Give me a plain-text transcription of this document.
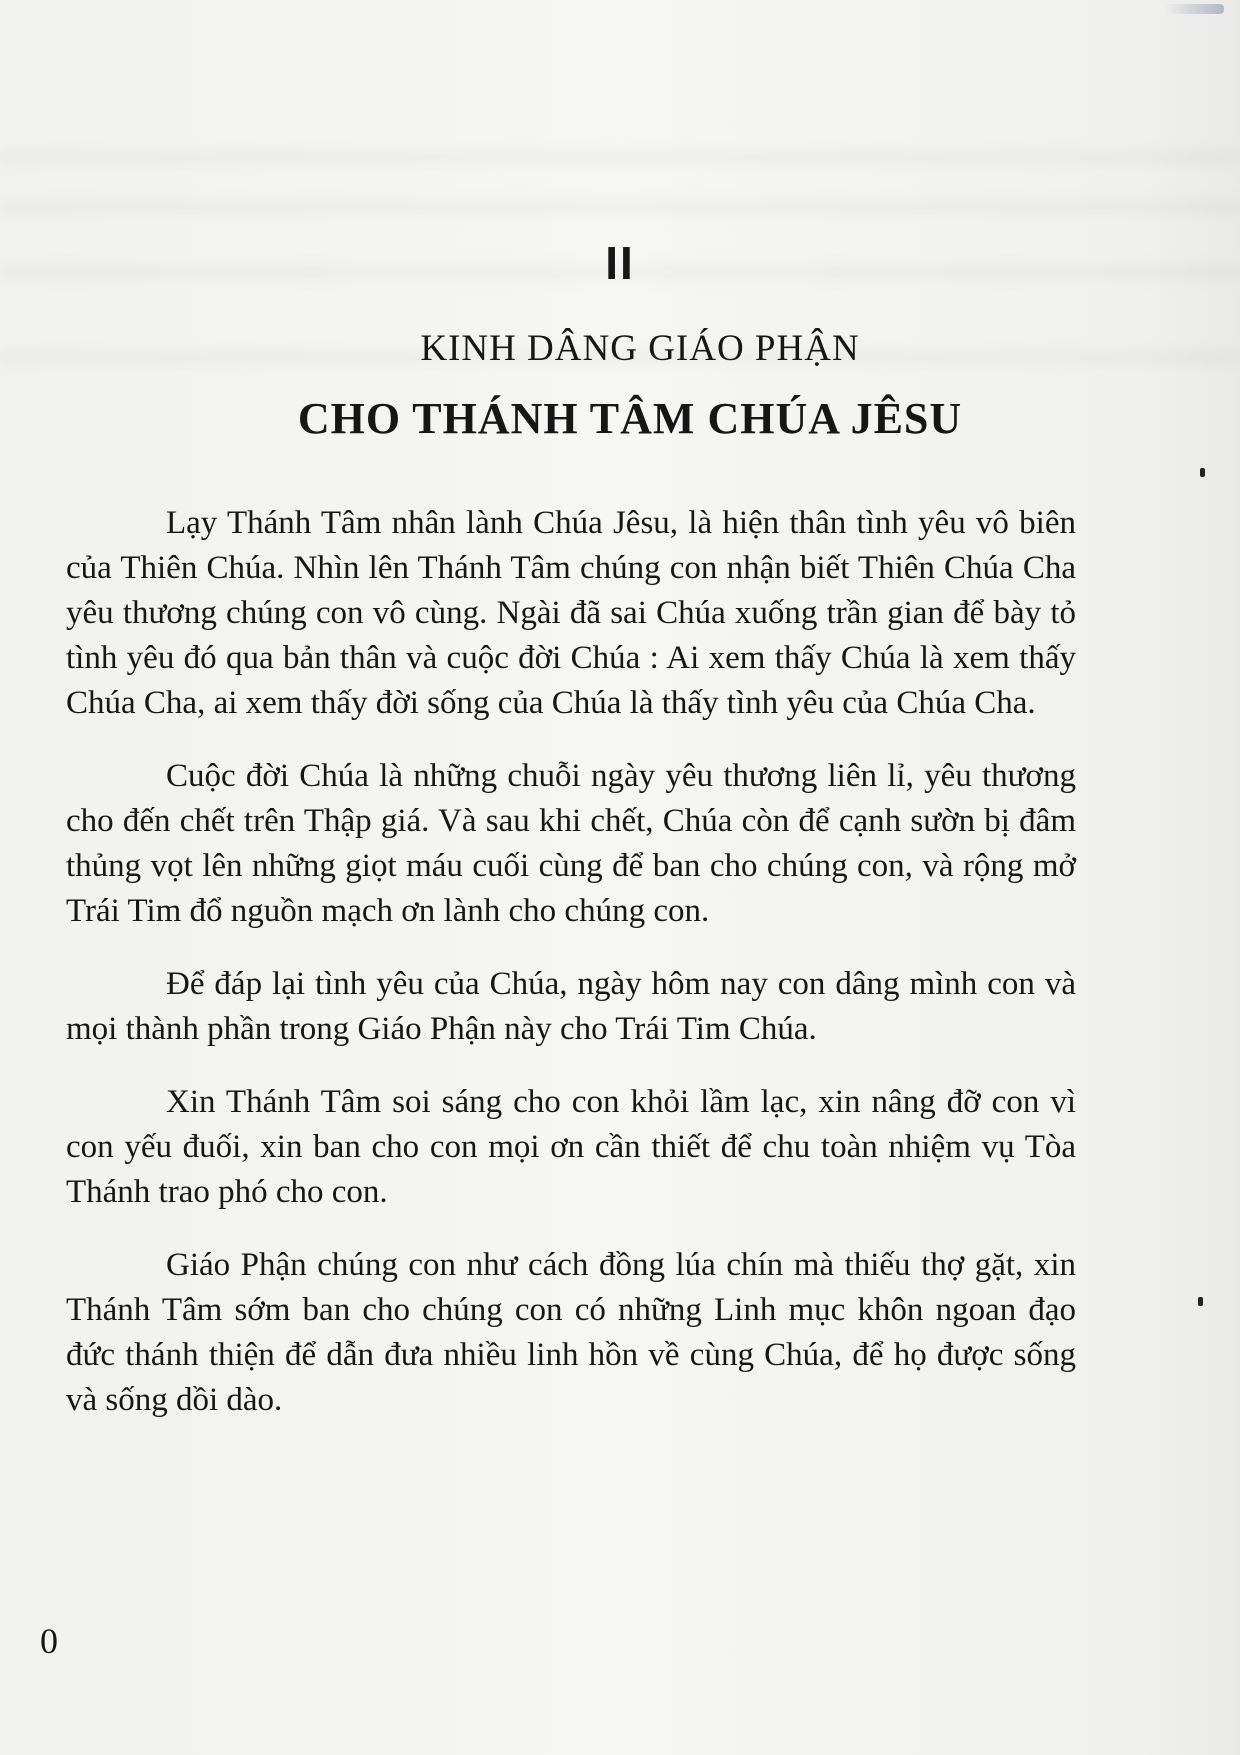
II
KINH DÂNG GIÁO PHẬN
CHO THÁNH TÂM CHÚA JÊSU

Lạy Thánh Tâm nhân lành Chúa Jêsu, là hiện thân tình yêu vô biên của Thiên Chúa. Nhìn lên Thánh Tâm chúng con nhận biết Thiên Chúa Cha yêu thương chúng con vô cùng. Ngài đã sai Chúa xuống trần gian để bày tỏ tình yêu đó qua bản thân và cuộc đời Chúa : Ai xem thấy Chúa là xem thấy Chúa Cha, ai xem thấy đời sống của Chúa là thấy tình yêu của Chúa Cha.

Cuộc đời Chúa là những chuỗi ngày yêu thương liên lỉ, yêu thương cho đến chết trên Thập giá. Và sau khi chết, Chúa còn để cạnh sườn bị đâm thủng vọt lên những giọt máu cuối cùng để ban cho chúng con, và rộng mở Trái Tim đổ nguồn mạch ơn lành cho chúng con.

Để đáp lại tình yêu của Chúa, ngày hôm nay con dâng mình con và mọi thành phần trong Giáo Phận này cho Trái Tim Chúa.

Xin Thánh Tâm soi sáng cho con khỏi lầm lạc, xin nâng đỡ con vì con yếu đuối, xin ban cho con mọi ơn cần thiết để chu toàn nhiệm vụ Tòa Thánh trao phó cho con.

Giáo Phận chúng con như cách đồng lúa chín mà thiếu thợ gặt, xin Thánh Tâm sớm ban cho chúng con có những Linh mục khôn ngoan đạo đức thánh thiện để dẫn đưa nhiều linh hồn về cùng Chúa, để họ được sống và sống dồi dào.

0
